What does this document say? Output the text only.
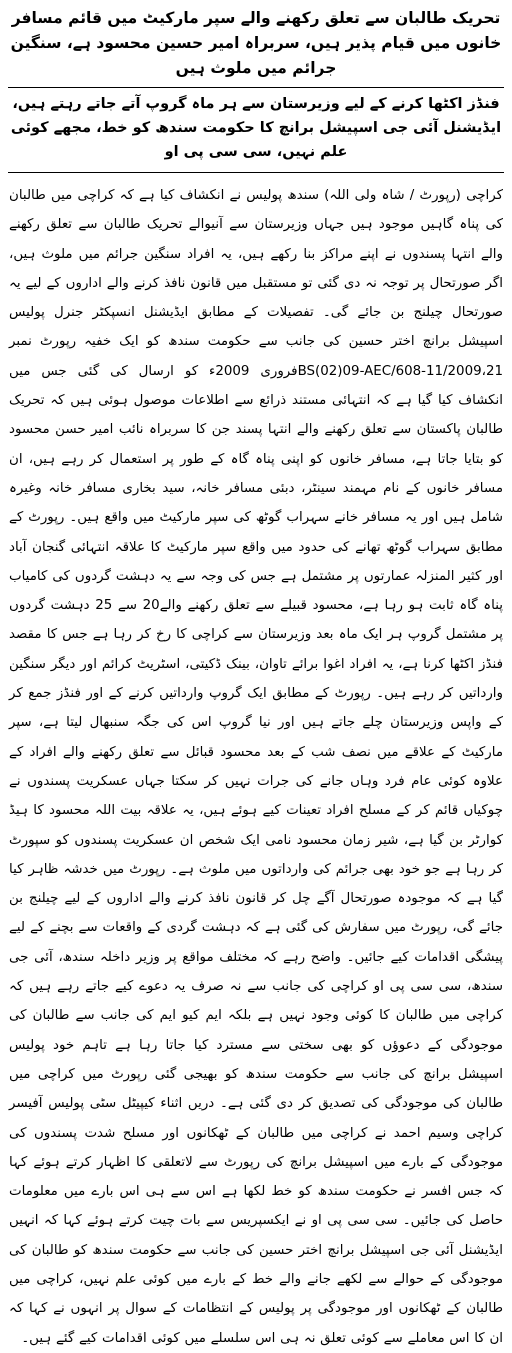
تحریک طالبان سے تعلق رکھنے والے سپر مارکیٹ میں قائم مسافر خانوں میں قیام پذیر ہیں، سربراہ امیر حسین محسود ہے، سنگین جرائم میں ملوث ہیں
فنڈز اکٹھا کرنے کے لیے وزیرستان سے ہر ماہ گروپ آتے جاتے رہتے ہیں، ایڈیشنل آئی جی اسپیشل برانچ کا حکومت سندھ کو خط، مجھے کوئی علم نہیں، سی سی پی او

کراچی (رپورٹ / شاہ ولی اللہ) سندھ پولیس نے انکشاف کیا ہے کہ کراچی میں طالبان کی پناہ گاہیں موجود ہیں جہاں وزیرستان سے آنیوالے تحریک طالبان سے تعلق رکھنے والے انتہا پسندوں نے اپنے مراکز بنا رکھے ہیں، یہ افراد سنگین جرائم میں ملوث ہیں، اگر صورتحال پر توجہ نہ دی گئی تو مستقبل میں قانون نافذ کرنے والے اداروں کے لیے یہ صورتحال چیلنج بن جائے گی۔ تفصیلات کے مطابق ایڈیشنل انسپکٹر جنرل پولیس اسپیشل برانچ اختر حسین کی جانب سے حکومت سندھ کو ایک خفیہ رپورٹ نمبر 21،BS(02)09-AEC/608-11/2009فروری 2009ء کو ارسال کی گئی جس میں انکشاف کیا گیا ہے کہ انتہائی مستند ذرائع سے اطلاعات موصول ہوئی ہیں کہ تحریک طالبان پاکستان سے تعلق رکھنے والے انتہا پسند جن کا سربراہ نائب امیر حسن محسود کو بتایا جاتا ہے، مسافر خانوں کو اپنی پناہ گاہ کے طور پر استعمال کر رہے ہیں، ان مسافر خانوں کے نام مہمند سینٹر، دبئی مسافر خانہ، سید بخاری مسافر خانہ وغیرہ شامل ہیں اور یہ مسافر خانے سہراب گوٹھ کی سپر مارکیٹ میں واقع ہیں۔ رپورٹ کے مطابق سہراب گوٹھ تھانے کی حدود میں واقع سپر مارکیٹ کا علاقہ انتہائی گنجان آباد اور کثیر المنزلہ عمارتوں پر مشتمل ہے جس کی وجہ سے یہ دہشت گردوں کی کامیاب پناہ گاہ ثابت ہو رہا ہے، محسود قبیلے سے تعلق رکھنے والے20 سے 25 دہشت گردوں پر مشتمل گروپ ہر ایک ماہ بعد وزیرستان سے کراچی کا رخ کر رہا ہے جس کا مقصد فنڈز اکٹھا کرنا ہے، یہ افراد اغوا برائے تاوان، بینک ڈکیتی، اسٹریٹ کرائم اور دیگر سنگین وارداتیں کر رہے ہیں۔ رپورٹ کے مطابق ایک گروپ وارداتیں کرنے کے اور فنڈز جمع کر کے واپس وزیرستان چلے جاتے ہیں اور نیا گروپ اس کی جگہ سنبھال لیتا ہے، سپر مارکیٹ کے علاقے میں نصف شب کے بعد محسود قبائل سے تعلق رکھنے والے افراد کے علاوہ کوئی عام فرد وہاں جانے کی جرات نہیں کر سکتا جہاں عسکریت پسندوں نے چوکیاں قائم کر کے مسلح افراد تعینات کیے ہوئے ہیں، یہ علاقہ بیت اللہ محسود کا ہیڈ کوارٹر بن گیا ہے، شیر زمان محسود نامی ایک شخص ان عسکریت پسندوں کو سپورٹ کر رہا ہے جو خود بھی جرائم کی وارداتوں میں ملوث ہے۔ رپورٹ میں خدشہ ظاہر کیا گیا ہے کہ موجودہ صورتحال آگے چل کر قانون نافذ کرنے والے اداروں کے لیے چیلنج بن جائے گی، رپورٹ میں سفارش کی گئی ہے کہ دہشت گردی کے واقعات سے بچنے کے لیے پیشگی اقدامات کیے جائیں۔ واضح رہے کہ مختلف مواقع پر وزیر داخلہ سندھ، آئی جی سندھ، سی سی پی او کراچی کی جانب سے نہ صرف یہ دعوے کیے جاتے رہے ہیں کہ کراچی میں طالبان کا کوئی وجود نہیں ہے بلکہ ایم کیو ایم کی جانب سے طالبان کی موجودگی کے دعوؤں کو بھی سختی سے مسترد کیا جاتا رہا ہے تاہم خود پولیس اسپیشل برانچ کی جانب سے حکومت سندھ کو بھیجی گئی رپورٹ میں کراچی میں طالبان کی موجودگی کی تصدیق کر دی گئی ہے۔ دریں اثناء کیپیٹل سٹی پولیس آفیسر کراچی وسیم احمد نے کراچی میں طالبان کے ٹھکانوں اور مسلح شدت پسندوں کی موجودگی کے بارے میں اسپیشل برانچ کی رپورٹ سے لاتعلقی کا اظہار کرتے ہوئے کہا کہ جس افسر نے حکومت سندھ کو خط لکھا ہے اس سے ہی اس بارے میں معلومات حاصل کی جائیں۔ سی سی پی او نے ایکسپریس سے بات چیت کرتے ہوئے کہا کہ انہیں ایڈیشنل آئی جی اسپیشل برانچ اختر حسین کی جانب سے حکومت سندھ کو طالبان کی موجودگی کے حوالے سے لکھے جانے والے خط کے بارے میں کوئی علم نہیں، کراچی میں طالبان کے ٹھکانوں اور موجودگی پر پولیس کے انتظامات کے سوال پر انہوں نے کہا کہ ان کا اس معاملے سے کوئی تعلق نہ ہی اس سلسلے میں کوئی اقدامات کیے گئے ہیں۔
